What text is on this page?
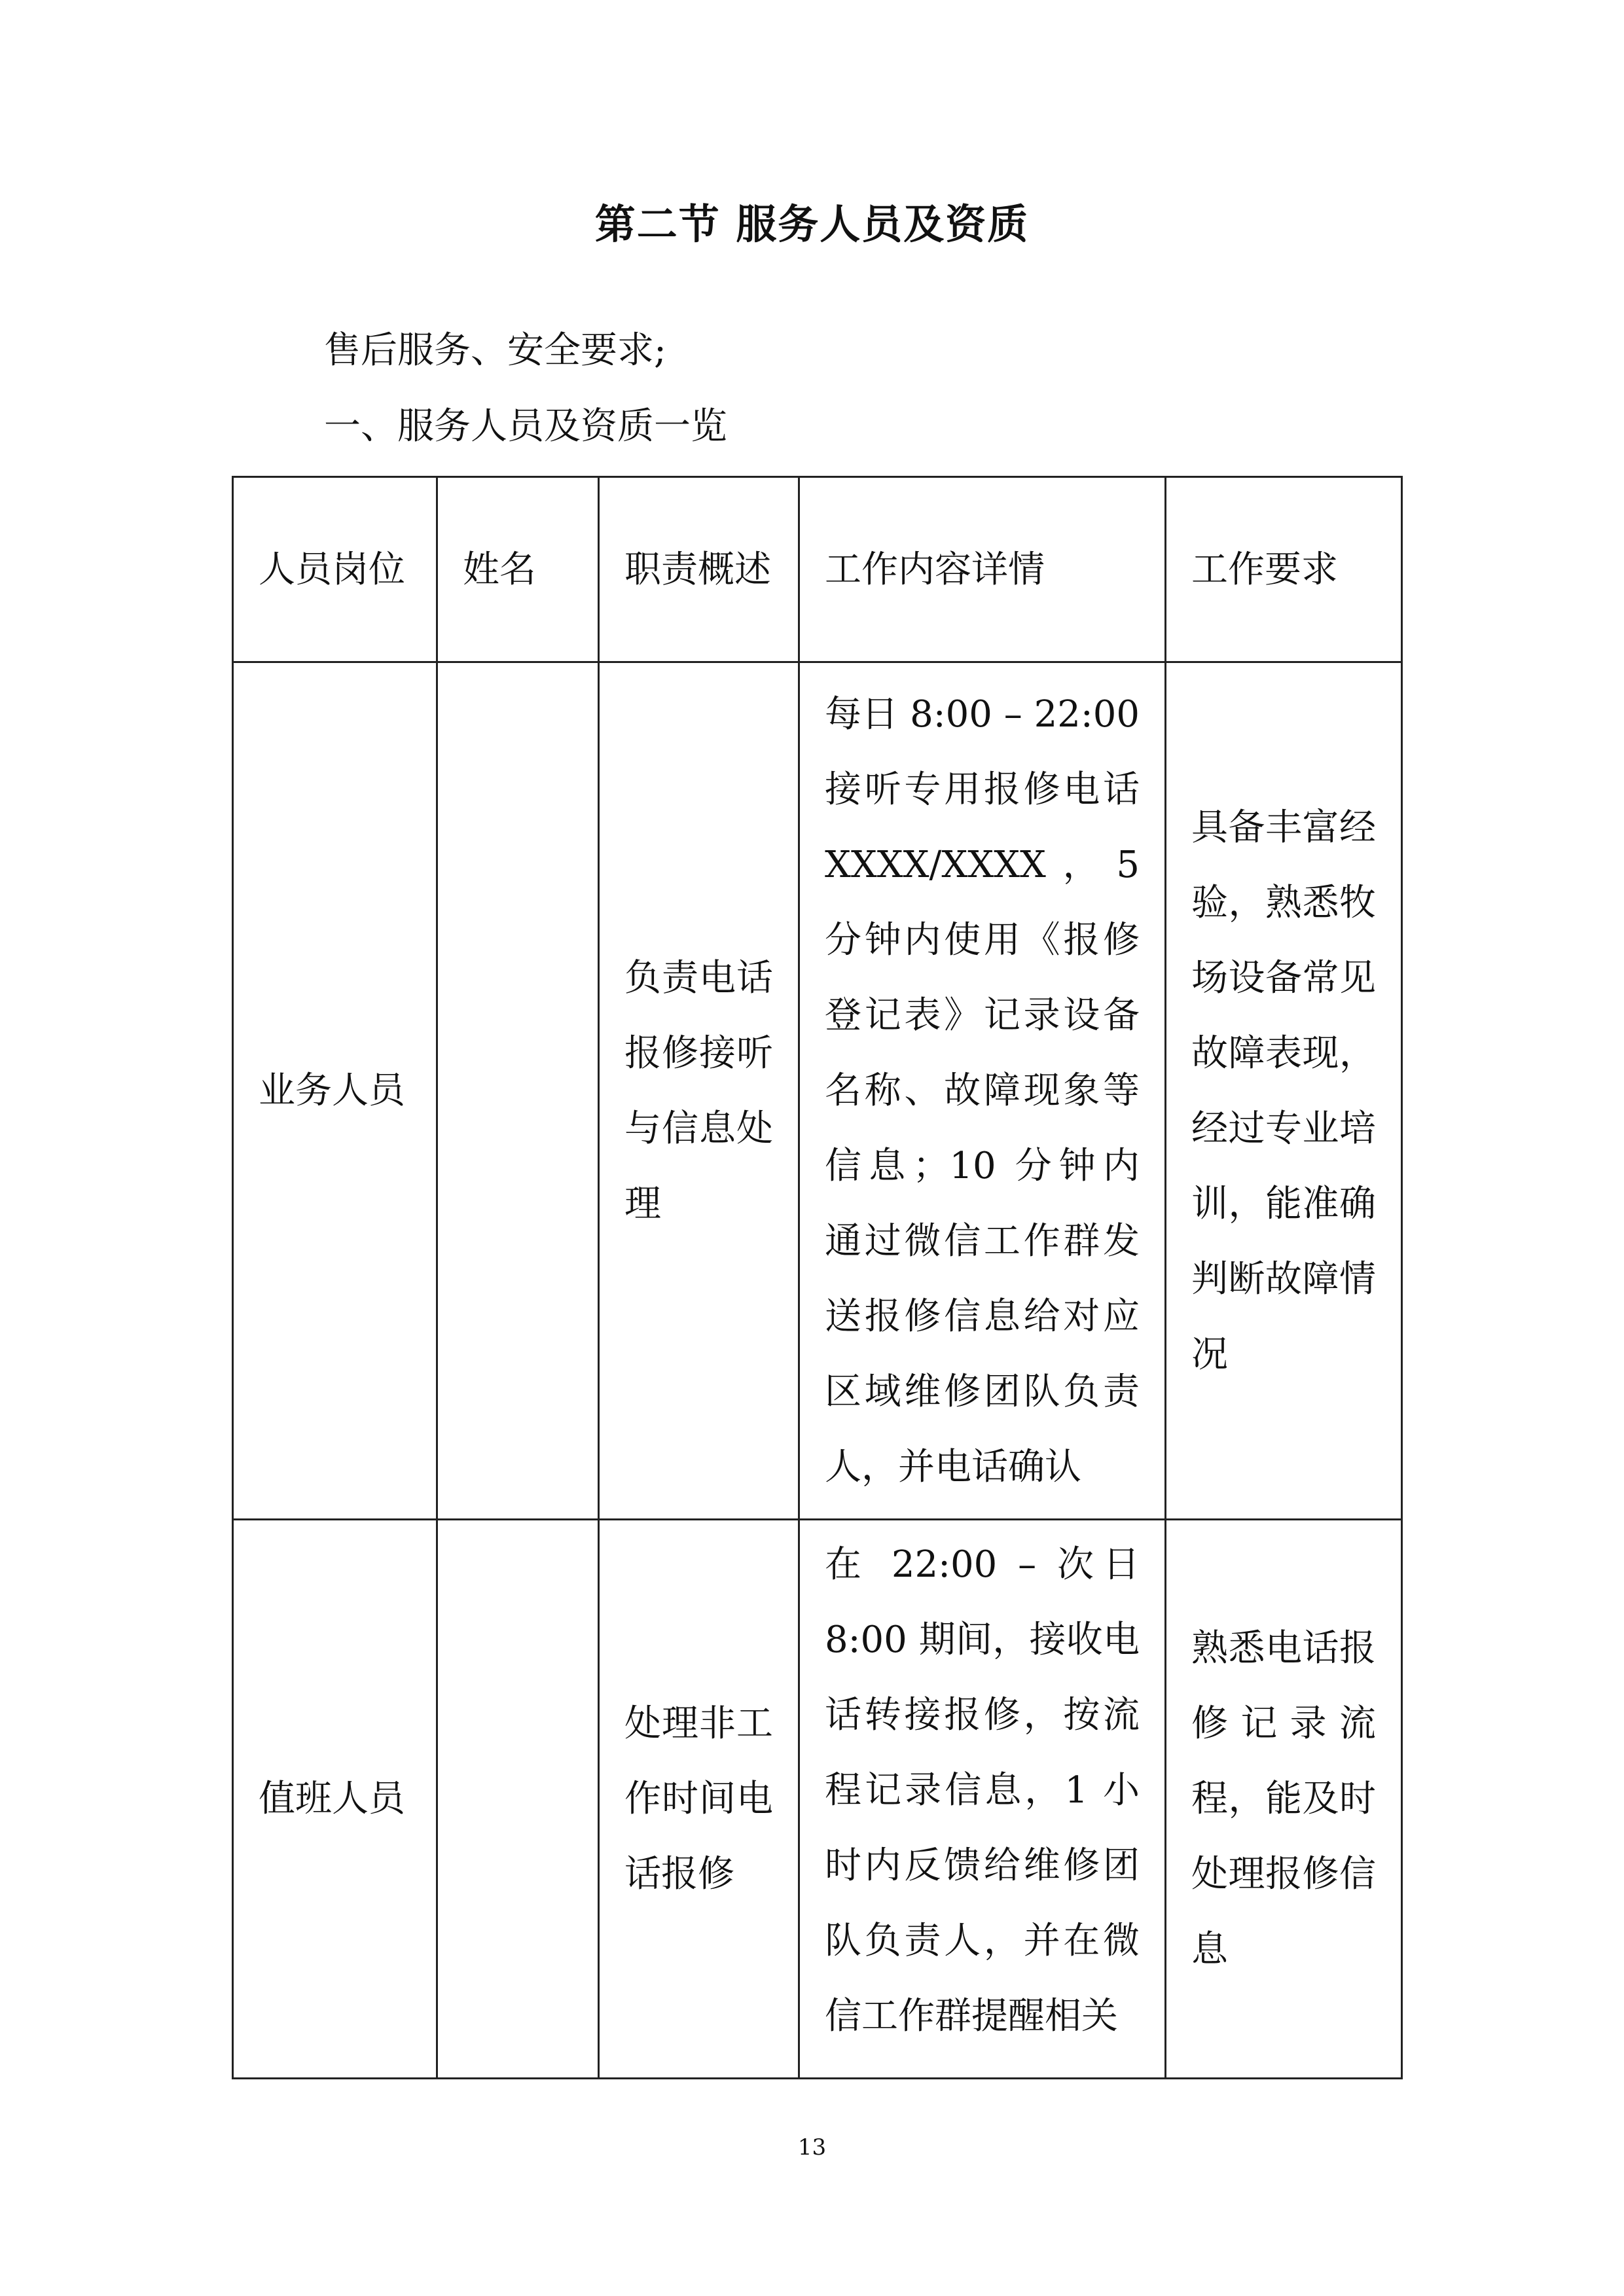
第二节 服务人员及资质
售后服务、安全要求;
一、服务人员及资质一览
人员岗位	姓名	职责概述	工作内容详情	工作要求

业务人员		负责电话报修接听与信息处理	每日 8:00 – 22:00 接听专用报修电话 XXXX/XXXX，5 分钟内使用《报修登记表》记录设备名称、故障现象等信息；10 分钟内通过微信工作群发送报修信息给对应区域维修团队负责人，并电话确认	具备丰富经验，熟悉牧场设备常见故障表现，经过专业培训，能准确判断故障情况

值班人员		处理非工作时间电话报修	在 22:00 – 次日 8:00 期间，接收电话转接报修，按流程记录信息，1 小时内反馈给维修团队负责人，并在微信工作群提醒相关	熟悉电话报修记录流程，能及时处理报修信息
13
